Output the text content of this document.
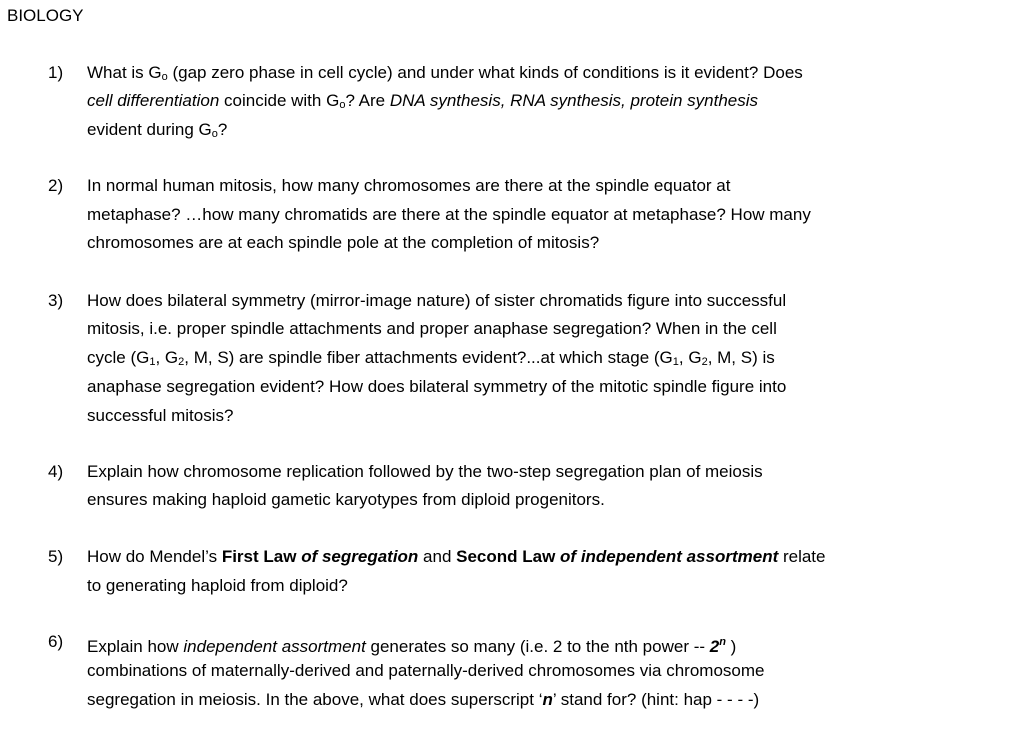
BIOLOGY
1) What is Go (gap zero phase in cell cycle) and under what kinds of conditions is it evident? Does
cell differentiation coincide with Go? Are DNA synthesis, RNA synthesis, protein synthesis
evident during Go?
2) In normal human mitosis, how many chromosomes are there at the spindle equator at
metaphase? …how many chromatids are there at the spindle equator at metaphase? How many
chromosomes are at each spindle pole at the completion of mitosis?
3) How does bilateral symmetry (mirror-image nature) of sister chromatids figure into successful
mitosis, i.e. proper spindle attachments and proper anaphase segregation? When in the cell
cycle (G1, G2, M, S) are spindle fiber attachments evident?...at which stage (G1, G2, M, S) is
anaphase segregation evident? How does bilateral symmetry of the mitotic spindle figure into
successful mitosis?
4) Explain how chromosome replication followed by the two-step segregation plan of meiosis
ensures making haploid gametic karyotypes from diploid progenitors.
5) How do Mendel’s First Law of segregation and Second Law of independent assortment relate
to generating haploid from diploid?
6) Explain how independent assortment generates so many (i.e. 2 to the nth power -- 2$^n$ )
combinations of maternally-derived and paternally-derived chromosomes via chromosome
segregation in meiosis. In the above, what does superscript ‘n’ stand for? (hint: hap - - - -)
